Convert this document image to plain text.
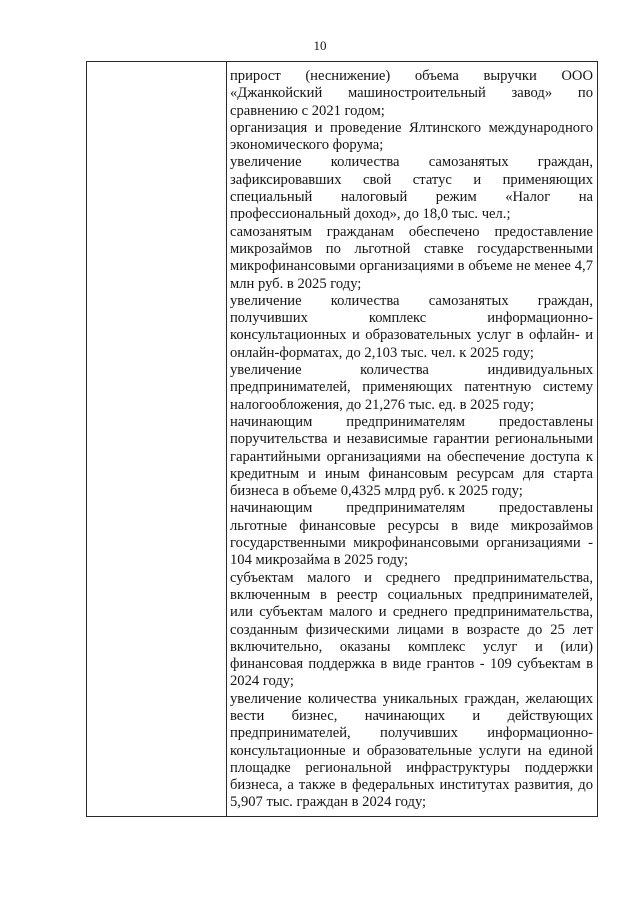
10

прирост (неснижение) объема выручки ООО «Джанкойский машиностроительный завод» по сравнению с 2021 годом;

организация и проведение Ялтинского международного экономического форума;

увеличение количества самозанятых граждан, зафиксировавших свой статус и применяющих специальный налоговый режим «Налог на профессиональный доход», до 18,0 тыс. чел.;

самозанятым гражданам обеспечено предоставление микрозаймов по льготной ставке государственными микрофинансовыми организациями в объеме не менее 4,7 млн руб. в 2025 году;

увеличение количества самозанятых граждан, получивших комплекс информационно-консультационных и образовательных услуг в офлайн- и онлайн-форматах, до 2,103 тыс. чел. к 2025 году;

увеличение количества индивидуальных предпринимателей, применяющих патентную систему налогообложения, до 21,276 тыс. ед. в 2025 году;

начинающим предпринимателям предоставлены поручительства и независимые гарантии региональными гарантийными организациями на обеспечение доступа к кредитным и иным финансовым ресурсам для старта бизнеса в объеме 0,4325 млрд руб. к 2025 году;

начинающим предпринимателям предоставлены льготные финансовые ресурсы в виде микрозаймов государственными микрофинансовыми организациями - 104 микрозайма в 2025 году;

субъектам малого и среднего предпринимательства, включенным в реестр социальных предпринимателей, или субъектам малого и среднего предпринимательства, созданным физическими лицами в возрасте до 25 лет включительно, оказаны комплекс услуг и (или) финансовая поддержка в виде грантов - 109 субъектам в 2024 году;

увеличение количества уникальных граждан, желающих вести бизнес, начинающих и действующих предпринимателей, получивших информационно-консультационные и образовательные услуги на единой площадке региональной инфраструктуры поддержки бизнеса, а также в федеральных институтах развития, до 5,907 тыс. граждан в 2024 году;
